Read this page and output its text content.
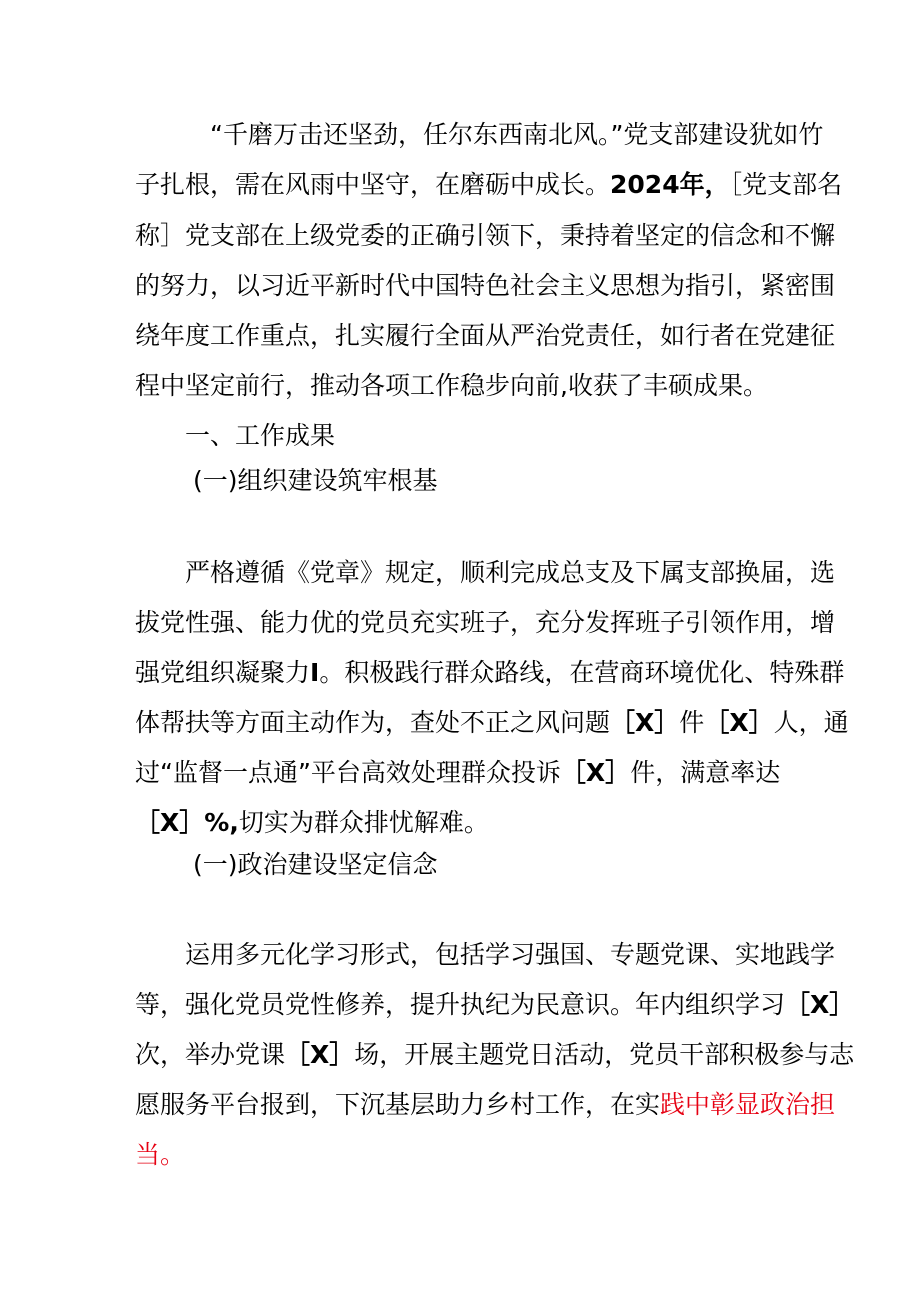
“千磨万击还坚劲，任尔东西南北风。”党支部建设犹如竹
子扎根，需在风雨中坚守，在磨砺中成长。2024年，［党支部名
称］党支部在上级党委的正确引领下，秉持着坚定的信念和不懈
的努力，以习近平新时代中国特色社会主义思想为指引，紧密围
绕年度工作重点，扎实履行全面从严治党责任，如行者在党建征
程中坚定前行，推动各项工作稳步向前,收获了丰硕成果。
一、工作成果
(一)组织建设筑牢根基
严格遵循《党章》规定，顺利完成总支及下属支部换届，选
拔党性强、能力优的党员充实班子，充分发挥班子引领作用，增
强党组织凝聚力I。积极践行群众路线，在营商环境优化、特殊群
体帮扶等方面主动作为，查处不正之风问题［X］件［X］人，通
过“监督一点通”平台高效处理群众投诉［X］件，满意率达
［X］%,切实为群众排忧解难。
(一)政治建设坚定信念
运用多元化学习形式，包括学习强国、专题党课、实地践学
等，强化党员党性修养，提升执纪为民意识。年内组织学习［X］
次，举办党课［X］场，开展主题党日活动，党员干部积极参与志
愿服务平台报到，下沉基层助力乡村工作，在实践中彰显政治担
当。
